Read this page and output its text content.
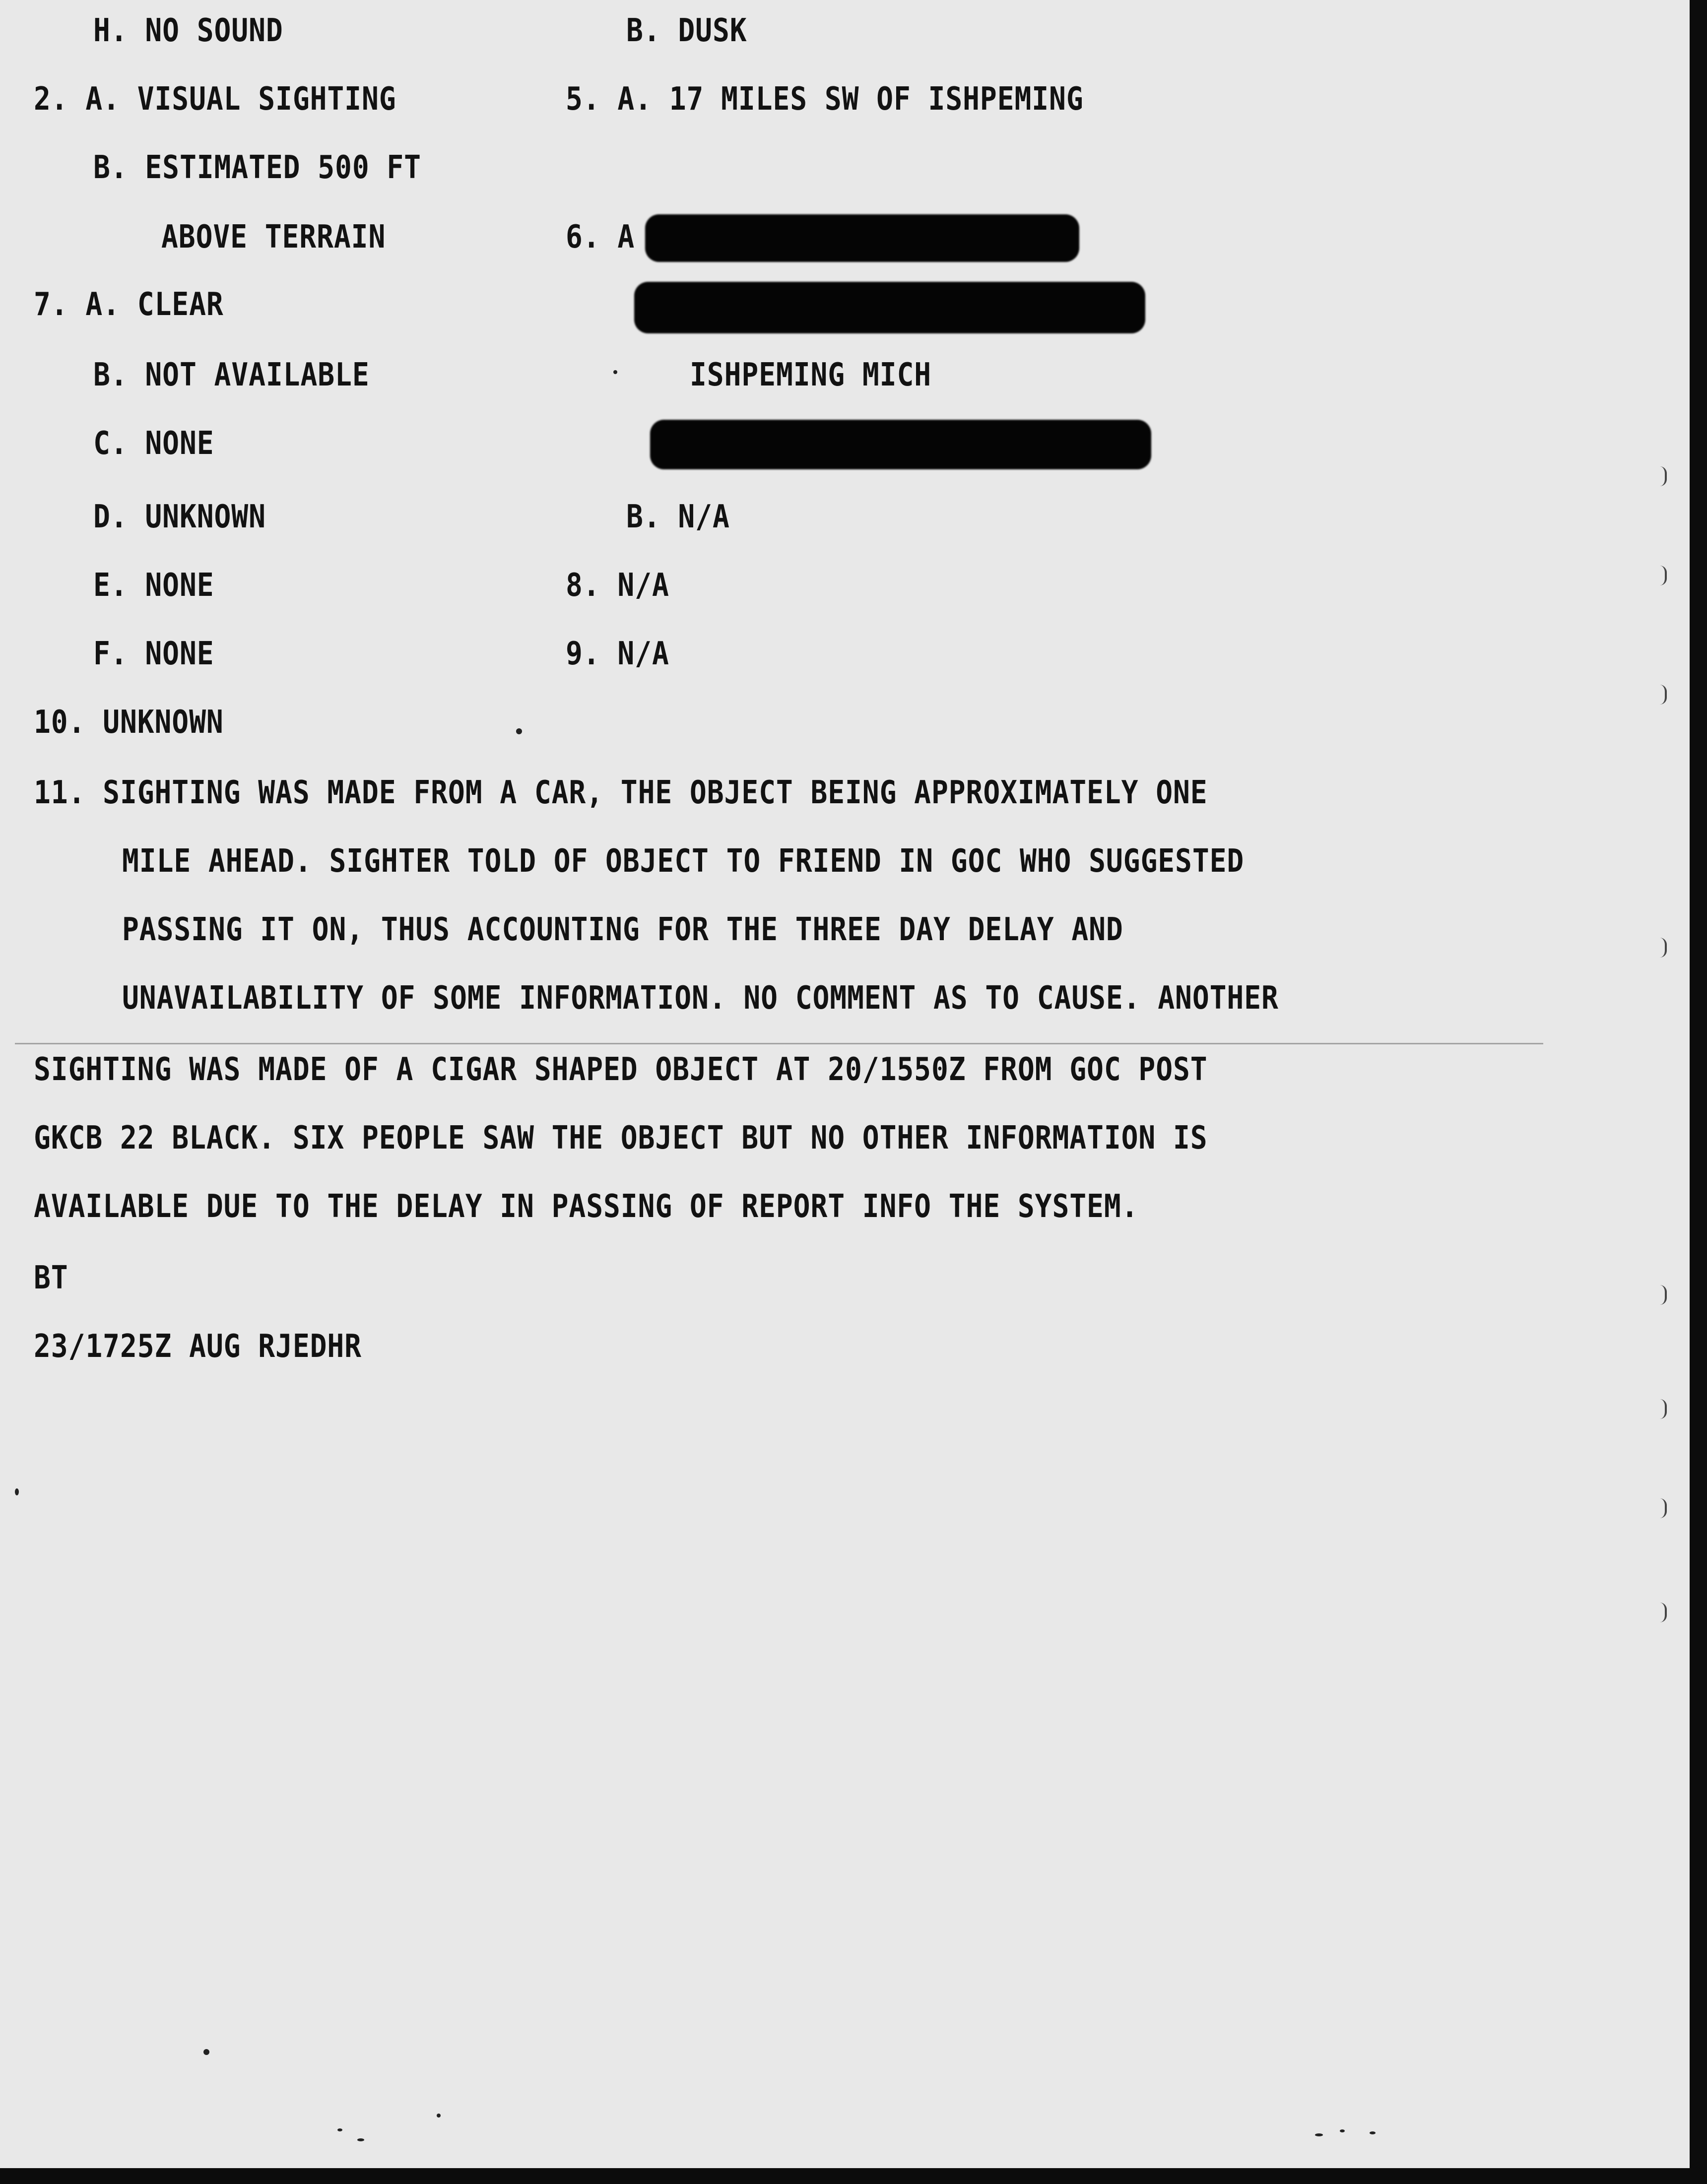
H. NO SOUND	B. DUSK
2. A. VISUAL SIGHTING	5. A. 17 MILES SW OF ISHPEMING
B. ESTIMATED 500 FT
ABOVE TERRAIN	6. A
7. A. CLEAR
B. NOT AVAILABLE	ISHPEMING MICH
C. NONE
D. UNKNOWN	B. N/A
E. NONE	8. N/A
F. NONE	9. N/A
10. UNKNOWN
11. SIGHTING WAS MADE FROM A CAR, THE OBJECT BEING APPROXIMATELY ONE
MILE AHEAD. SIGHTER TOLD OF OBJECT TO FRIEND IN GOC WHO SUGGESTED
PASSING IT ON, THUS ACCOUNTING FOR THE THREE DAY DELAY AND
UNAVAILABILITY OF SOME INFORMATION. NO COMMENT AS TO CAUSE. ANOTHER
SIGHTING WAS MADE OF A CIGAR SHAPED OBJECT AT 20/1550Z FROM GOC POST
GKCB 22 BLACK. SIX PEOPLE SAW THE OBJECT BUT NO OTHER INFORMATION IS
AVAILABLE DUE TO THE DELAY IN PASSING OF REPORT INFO THE SYSTEM.
BT
23/1725Z AUG RJEDHR
